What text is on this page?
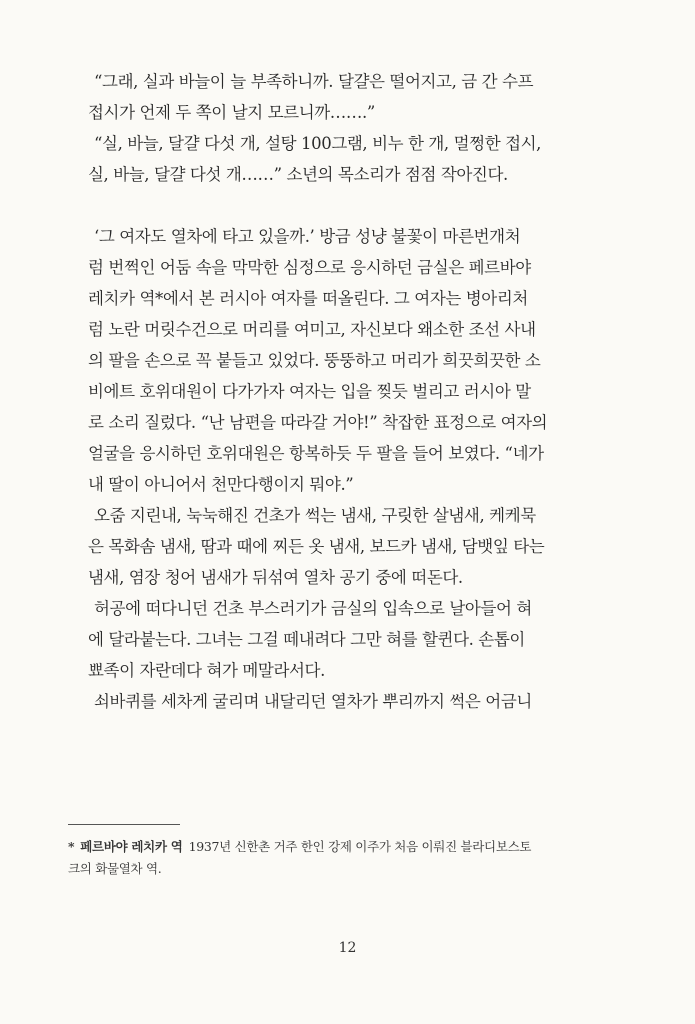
“그래, 실과 바늘이 늘 부족하니까. 달걀은 떨어지고, 금 간 수프
접시가 언제 두 쪽이 날지 모르니까…….”
“실, 바늘, 달걀 다섯 개, 설탕 100그램, 비누 한 개, 멀쩡한 접시,
실, 바늘, 달걀 다섯 개……” 소년의 목소리가 점점 작아진다.
‘그 여자도 열차에 타고 있을까.’ 방금 성냥 불꽃이 마른번개처
럼 번쩍인 어둠 속을 막막한 심정으로 응시하던 금실은 페르바야
레치카 역*에서 본 러시아 여자를 떠올린다. 그 여자는 병아리처
럼 노란 머릿수건으로 머리를 여미고, 자신보다 왜소한 조선 사내
의 팔을 손으로 꼭 붙들고 있었다. 뚱뚱하고 머리가 희끗희끗한 소
비에트 호위대원이 다가가자 여자는 입을 찢듯 벌리고 러시아 말
로 소리 질렀다. “난 남편을 따라갈 거야!” 착잡한 표정으로 여자의
얼굴을 응시하던 호위대원은 항복하듯 두 팔을 들어 보였다. “네가
내 딸이 아니어서 천만다행이지 뭐야.”
오줌 지린내, 눅눅해진 건초가 썩는 냄새, 구릿한 살냄새, 케케묵
은 목화솜 냄새, 땀과 때에 찌든 옷 냄새, 보드카 냄새, 담뱃잎 타는
냄새, 염장 청어 냄새가 뒤섞여 열차 공기 중에 떠돈다.
허공에 떠다니던 건초 부스러기가 금실의 입속으로 날아들어 혀
에 달라붙는다. 그녀는 그걸 떼내려다 그만 혀를 할퀸다. 손톱이
뾰족이 자란데다 혀가 메말라서다.
쇠바퀴를 세차게 굴리며 내달리던 열차가 뿌리까지 썩은 어금니
* 페르바야 레치카 역 1937년 신한촌 거주 한인 강제 이주가 처음 이뤄진 블라디보스토
크의 화물열차 역.
12
